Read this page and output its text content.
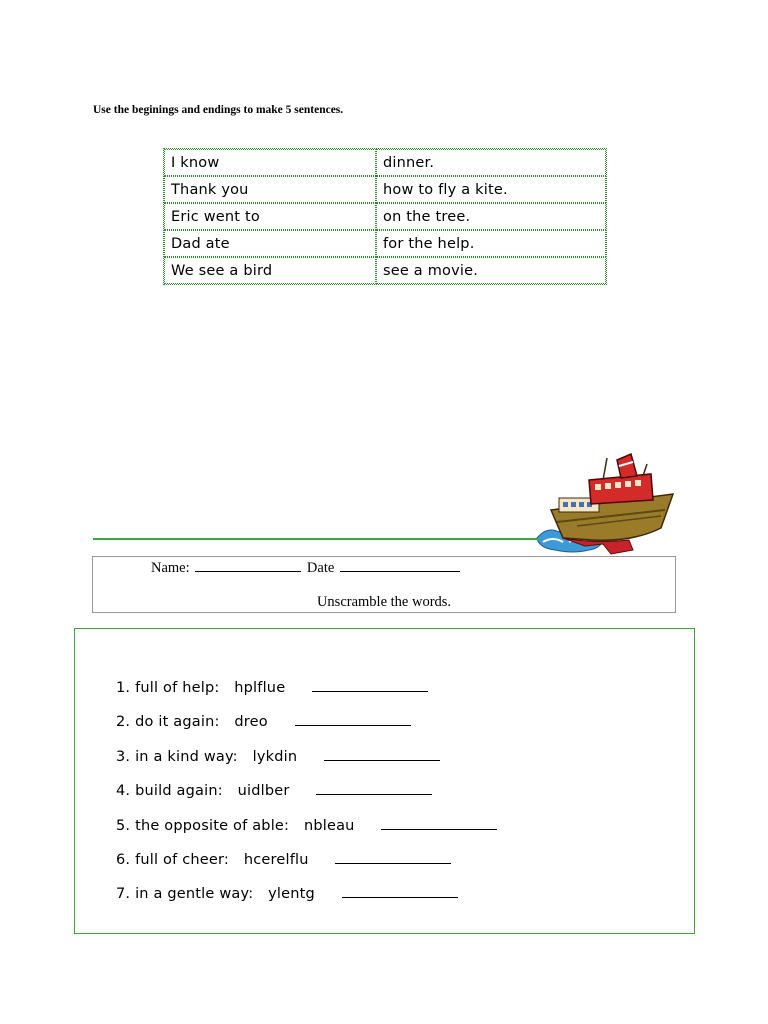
Use the beginings and endings to make 5 sentences.
I know	dinner.
Thank you	how to fly a kite.
Eric went to	on the tree.
Dad ate	for the help.
We see a bird	see a movie.
Name:	Date
Unscramble the words.
1. full of help: hplflue
2. do it again: dreo
3. in a kind way: lykdin
4. build again: uidlber
5. the opposite of able: nbleau
6. full of cheer: hcerelflu
7. in a gentle way: ylentg
